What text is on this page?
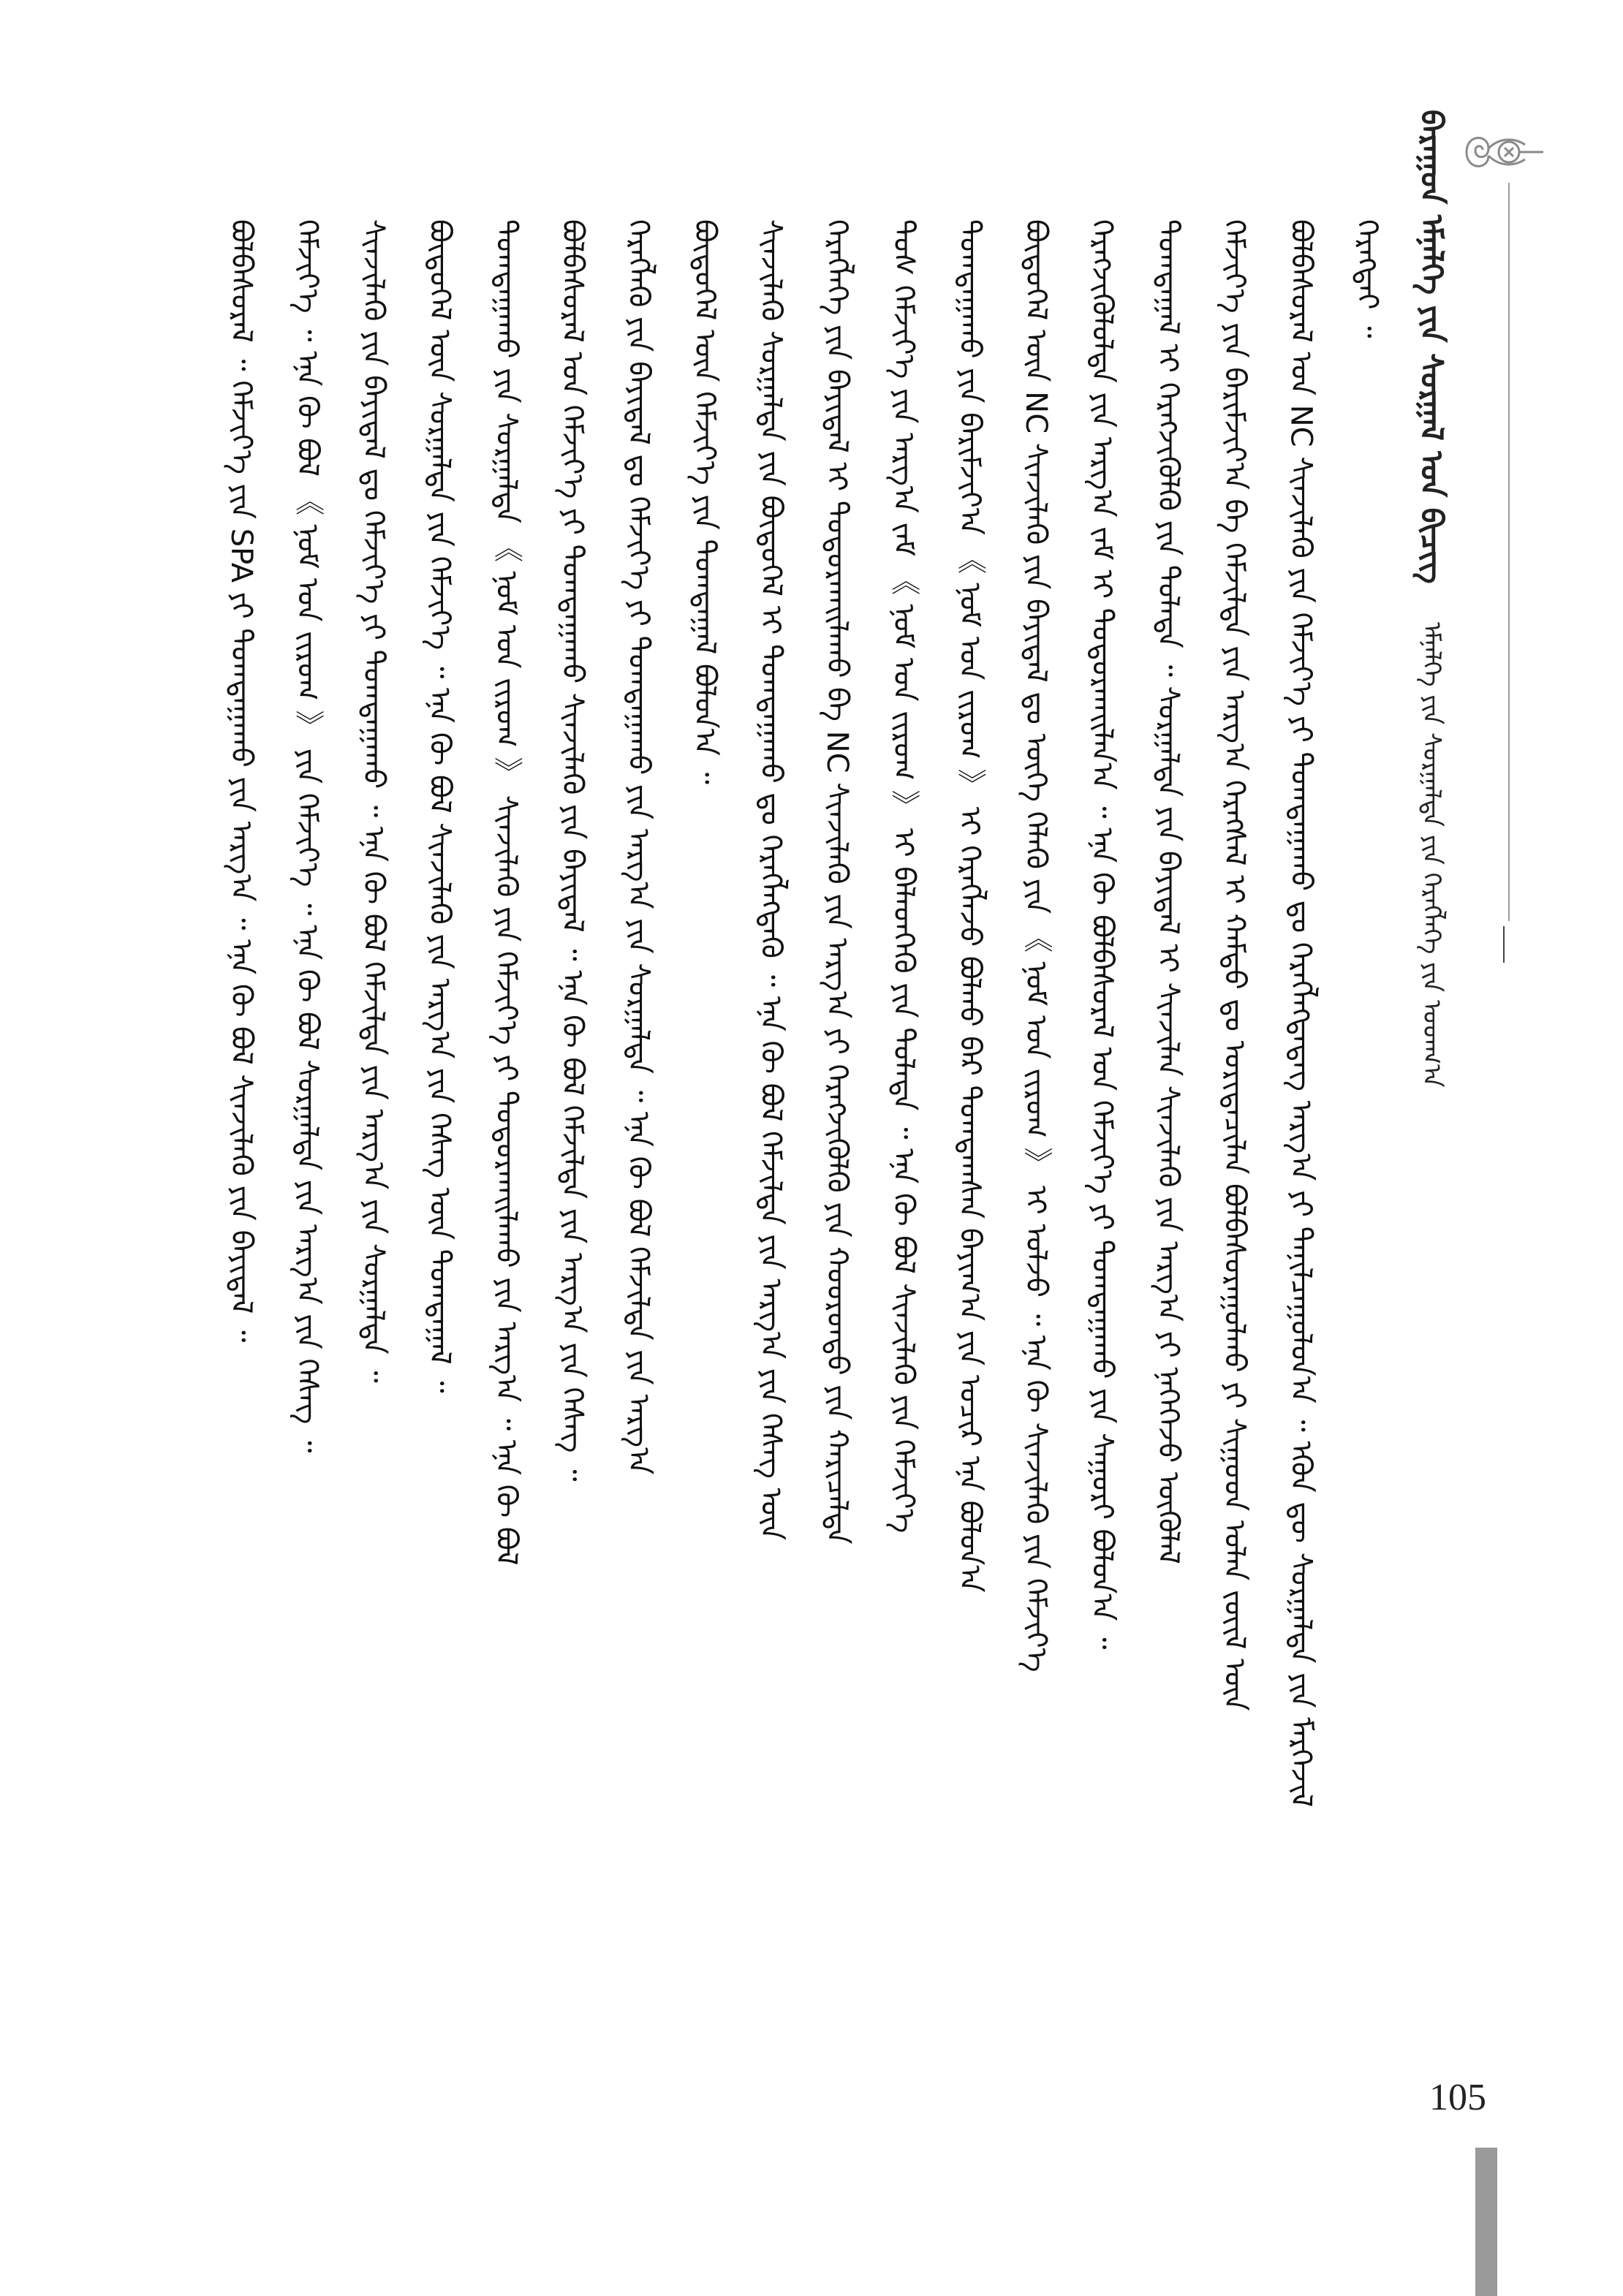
ᠪᠠᠷᠠᠭᠤᠨ ᠡᠮᠨᠡᠯᠭᠡ ᠶᠢᠨ ᠰᠤᠷᠭᠠᠯ ᠤᠨ ᠪᠢᠴᠢᠭ ᠡᠮᠨᠡᠯᠭᠡ ᠶᠢᠨ ᠰᠤᠷᠭᠠᠯᠲᠠ ᠶᠢᠨ ᠬᠡᠷᠡᠭᠯᠡᠭᠡ ᠶᠢᠨ ᠤᠳᠬ᠎ᠠ
ᠬᠡᠷᠡᠭᠲᠡᠢ ᠃
ᠪᠣᠯᠪᠠᠰᠤᠷᠠᠯ ᠤᠨ NC ᠰᠢᠨᠵᠢᠯᠡᠬᠦ ᠶᠢᠨ ᠬᠡᠮᠵᠢᠶ᠎ᠡ ᠶᠢ ᠲᠣᠭᠲᠠᠭᠠᠬᠤ ᠳᠤ ᠬᠡᠷᠡᠭᠯᠡᠭᠳᠡᠳᠡᠭ ᠠᠷᠭ᠎ᠠ ᠶᠢ ᠲᠠᠨᠢᠯᠴᠠᠭᠤᠯᠤᠨ᠎ᠠ ᠃ ᠡᠭᠦᠨ ᠳᠦ ᠰᠤᠷᠭᠠᠯᠲᠠ ᠶᠢᠨ ᠮᠡᠷᠭᠡᠵᠢᠯ
ᠬᠡᠮᠵᠢᠶ᠎ᠡ ᠶᠢᠨ ᠪᠠᠷᠢᠮᠵᠢᠶ᠎ᠠ ᠪᠠ ᠬᠡᠮᠵᠢᠯᠲᠡ ᠶᠢᠨ ᠠᠷᠭ᠎ᠠ ᠬᠡᠷᠡᠭᠰᠡᠯ ᠢ ᠬᠠᠮᠲᠤ ᠳᠤ ᠤᠷᠢᠳᠠᠴᠢᠯᠠᠨ ᠪᠣᠯᠪᠠᠰᠤᠷᠠᠭᠤᠯᠬᠤ ᠶᠢ ᠰᠢᠭᠤᠳ ᠣᠯᠠᠨ ᠵᠦᠢᠯ ᠦᠨ
ᠲᠣᠭᠲᠠᠭᠠᠯ ᠢ ᠬᠡᠷᠡᠭᠵᠢᠭᠦᠯᠬᠦ ᠶᠢᠨ ᠲᠤᠯᠠᠳᠠ ᠃ ᠰᠤᠷᠭᠠᠯᠲᠠ ᠶᠢᠨ ᠪᠠᠶᠢᠳᠠᠯ ᠢ ᠰᠢᠨᠵᠢᠯᠡᠨ ᠰᠢᠨᠵᠢᠯᠡᠬᠦ ᠶᠢᠨ ᠠᠷᠭ᠎ᠠ ᠶᠢ ᠨᠡᠭᠡᠭᠡᠵᠦ ᠦᠭᠦᠯᠡᠯ
ᠬᠡᠷᠡᠭᠵᠢᠭᠦᠯᠦᠯᠲᠡ ᠶᠢᠨ ᠠᠷᠭ᠎ᠠ ᠵᠠᠮ ᠢ ᠲᠣᠳᠣᠷᠬᠠᠢᠯᠠᠨ᠎ᠠ ᠃ ᠡᠨᠡ ᠬᠦ ᠪᠣᠯᠪᠠᠰᠤᠷᠠᠯ ᠤᠨ ᠬᠡᠮᠵᠢᠶ᠎ᠡ ᠶᠢ ᠲᠣᠭᠲᠠᠭᠠᠬᠤ ᠶᠢᠨ ᠰᠠᠭᠤᠷᠢ ᠪᠣᠯᠤᠨ᠎ᠠ ᠃
ᠪᠦᠲᠦᠭᠡᠯ ᠦᠨ NC ᠰᠢᠨᠵᠢᠯᠡᠬᠦ ᠶᠢᠨ ᠪᠠᠶᠢᠳᠠᠯ ᠳᠤ ᠦᠭᠡ ᠬᠡᠯᠡᠬᠦ ᠶᠢᠨ 《 ᠨᠤᠮ ᠤᠨ ᠵᠢᠷᠤᠭ 》 ᠢ ᠣᠯᠵᠤ ᠃ ᠡᠨᠡ ᠬᠦ ᠰᠢᠨᠵᠢᠯᠡᠬᠦ ᠶᠢᠨ ᠬᠡᠮᠵᠢᠶ᠎ᠡ
ᠲᠣᠭᠲᠠᠭᠠᠬᠤ ᠶᠢᠨ ᠪᠠᠷᠢᠮᠵᠢᠶ᠎ᠠ 《 ᠨᠤᠮ ᠤᠨ ᠵᠢᠷᠤᠭ 》 ᠢ ᠬᠡᠷᠡᠭᠯᠡᠵᠦ ᠪᠣᠯᠬᠤ ᠪᠡᠷ ᠲᠣᠭᠲᠠᠭᠰᠠᠨ ᠪᠠᠶᠢᠭ᠎ᠠ ᠶᠢᠨ ᠤᠴᠢᠷ ᠡᠨᠡ ᠪᠣᠯᠤᠨ᠎ᠠ
ᠲᠤᠰ ᠬᠡᠮᠵᠢᠶ᠎ᠡ ᠶᠢᠨ ᠠᠷᠭ᠎ᠠ ᠵᠠᠮ 《 ᠨᠤᠮ ᠤᠨ ᠵᠢᠷᠤᠭ 》 ᠢ ᠪᠡᠯᠡᠳᠬᠡᠬᠦ ᠶᠢᠨ ᠲᠤᠯᠠᠳᠠ ᠃ ᠡᠨᠡ ᠬᠦ ᠪᠣᠯ ᠰᠢᠨᠵᠢᠯᠡᠬᠦ ᠶᠢᠨ ᠬᠡᠮᠵᠢᠶ᠎ᠡ
ᠬᠡᠷᠡᠭᠯᠡᠭᠡ ᠶᠢᠨ ᠪᠠᠶᠢᠳᠠᠯ ᠢ ᠲᠣᠳᠣᠷᠬᠠᠢᠯᠠᠬᠤ ᠪᠠ NC ᠰᠢᠨᠵᠢᠯᠡᠬᠦ ᠶᠢᠨ ᠠᠷᠭ᠎ᠠ ᠶᠢ ᠬᠡᠷᠡᠭᠵᠢᠭᠦᠯᠬᠦ ᠶᠢᠨ ᠬᠣᠣᠷᠣᠨᠳᠣ ᠶᠢᠨ ᠬᠠᠷᠢᠴᠠᠯᠲᠠ
ᠰᠢᠨᠵᠢᠯᠡᠬᠦ ᠰᠤᠷᠭᠠᠯᠲᠠ ᠶᠢᠨ ᠪᠦᠲᠦᠭᠡᠯ ᠢ ᠲᠣᠭᠲᠠᠭᠠᠬᠤ ᠳᠤ ᠬᠡᠷᠡᠭᠯᠡᠭᠳᠡᠬᠦ ᠃ ᠡᠨᠡ ᠬᠦ ᠪᠣᠯ ᠬᠡᠮᠵᠢᠯᠲᠡ ᠶᠢᠨ ᠠᠷᠭ᠎ᠠ ᠶᠢᠨ ᠬᠡᠰᠡᠭ ᠦᠨ
ᠪᠦᠲᠦᠭᠡᠯ ᠦᠨ ᠬᠡᠮᠵᠢᠶ᠎ᠡ ᠶᠢᠨ ᠲᠣᠭᠲᠠᠭᠠᠯ ᠪᠣᠯᠤᠨ᠎ᠠ ᠃
ᠬᠡᠷᠡᠭᠯᠡᠬᠦ ᠶᠢᠨ ᠪᠠᠶᠢᠳᠠᠯ ᠳᠤ ᠬᠡᠮᠵᠢᠶ᠎ᠡ ᠶᠢ ᠲᠣᠭᠲᠠᠭᠠᠬᠤ ᠶᠢᠨ ᠠᠷᠭ᠎ᠠ ᠶᠢᠨ ᠰᠤᠷᠭᠠᠯᠲᠠ ᠃ ᠡᠨᠡ ᠬᠦ ᠪᠣᠯ ᠬᠡᠮᠵᠢᠯᠲᠡ ᠶᠢᠨ ᠠᠷᠭ᠎ᠠ
ᠪᠣᠯᠪᠠᠰᠤᠷᠠᠯ ᠤᠨ ᠬᠡᠮᠵᠢᠶ᠎ᠡ ᠶᠢ ᠲᠣᠭᠲᠠᠭᠠᠬᠤ ᠰᠢᠨᠵᠢᠯᠡᠬᠦ ᠶᠢᠨ ᠪᠠᠶᠢᠳᠠᠯ ᠃ ᠡᠨᠡ ᠬᠦ ᠪᠣᠯ ᠬᠡᠮᠵᠢᠯᠲᠡ ᠶᠢᠨ ᠠᠷᠭ᠎ᠠ ᠶᠢᠨ ᠬᠡᠰᠡᠭ ᠃
ᠲᠣᠭᠲᠠᠭᠠᠬᠤ ᠶᠢᠨ ᠰᠤᠷᠭᠠᠯᠲᠠ 《 ᠨᠤᠮ ᠤᠨ ᠵᠢᠷᠤᠭ 》 ᠰᠢᠨᠵᠢᠯᠡᠬᠦ ᠶᠢᠨ ᠬᠡᠮᠵᠢᠶ᠎ᠡ ᠶᠢ ᠲᠣᠳᠣᠷᠬᠠᠢᠯᠠᠬᠤ ᠶᠢᠨ ᠠᠷᠭ᠎ᠠ ᠃ ᠡᠨᠡ ᠬᠦ ᠪᠣᠯ
ᠪᠦᠲᠦᠭᠡᠯ ᠦᠨ ᠰᠤᠷᠭᠠᠯᠲᠠ ᠶᠢᠨ ᠬᠡᠮᠵᠢᠶ᠎ᠡ ᠃ ᠡᠨᠡ ᠬᠦ ᠪᠣᠯ ᠰᠢᠨᠵᠢᠯᠡᠬᠦ ᠶᠢᠨ ᠠᠷᠭ᠎ᠠ ᠶᠢᠨ ᠬᠡᠰᠡᠭ ᠦᠨ ᠲᠣᠭᠲᠠᠭᠠᠯ ᠃
ᠰᠢᠨᠵᠢᠯᠡᠬᠦ ᠶᠢᠨ ᠪᠠᠶᠢᠳᠠᠯ ᠳᠤ ᠬᠡᠮᠵᠢᠶ᠎ᠡ ᠶᠢ ᠲᠣᠭᠲᠠᠭᠠᠬᠤ ᠃ ᠡᠨᠡ ᠬᠦ ᠪᠣᠯ ᠬᠡᠮᠵᠢᠯᠲᠡ ᠶᠢᠨ ᠠᠷᠭ᠎ᠠ ᠶᠢᠨ ᠰᠤᠷᠭᠠᠯᠲᠠ ᠃
ᠬᠡᠮᠵᠢᠶ᠎ᠡ ᠃ ᠡᠨᠡ ᠬᠦ ᠪᠣᠯ 《 ᠨᠤᠮ ᠤᠨ ᠵᠢᠷᠤᠭ 》 ᠶᠢᠨ ᠬᠡᠮᠵᠢᠶ᠎ᠡ ᠃ ᠡᠨᠡ ᠬᠦ ᠪᠣᠯ ᠰᠤᠷᠭᠠᠯᠲᠠ ᠶᠢᠨ ᠠᠷᠭ᠎ᠠ ᠶᠢᠨ ᠬᠡᠰᠡᠭ ᠃
ᠪᠣᠯᠪᠠᠰᠤᠷᠠᠯ ᠃ ᠬᠡᠮᠵᠢᠶ᠎ᠡ ᠶᠢᠨ SPA ᠶᠢ ᠲᠣᠭᠲᠠᠭᠠᠬᠤ ᠶᠢᠨ ᠠᠷᠭ᠎ᠠ ᠃ ᠡᠨᠡ ᠬᠦ ᠪᠣᠯ ᠰᠢᠨᠵᠢᠯᠡᠬᠦ ᠶᠢᠨ ᠪᠠᠶᠢᠳᠠᠯ ᠃
105
